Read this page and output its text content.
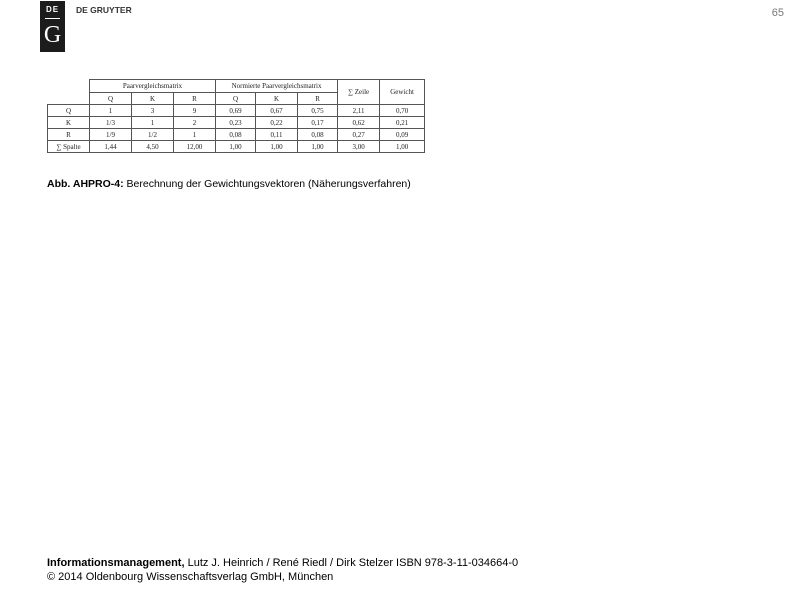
DE
G
DE GRUYTER	65
	Paarvergleichsmatrix			Normierte Paarvergleichsmatrix			∑ Zeile	Gewicht
	Q	K	R	Q	K	R		
Q	1	3	9	0,69	0,67	0,75	2,11	0,70
K	1/3	1	2	0,23	0,22	0,17	0,62	0,21
R	1/9	1/2	1	0,08	0,11	0,08	0,27	0,09
∑ Spalte	1,44	4,50	12,00	1,00	1,00	1,00	3,00	1,00
Abb. AHPRO-4: Berechnung der Gewichtungsvektoren (Näherungsverfahren)
Informationsmanagement, Lutz J. Heinrich / René Riedl / Dirk Stelzer ISBN 978-3-11-034664-0
© 2014 Oldenbourg Wissenschaftsverlag GmbH, München
